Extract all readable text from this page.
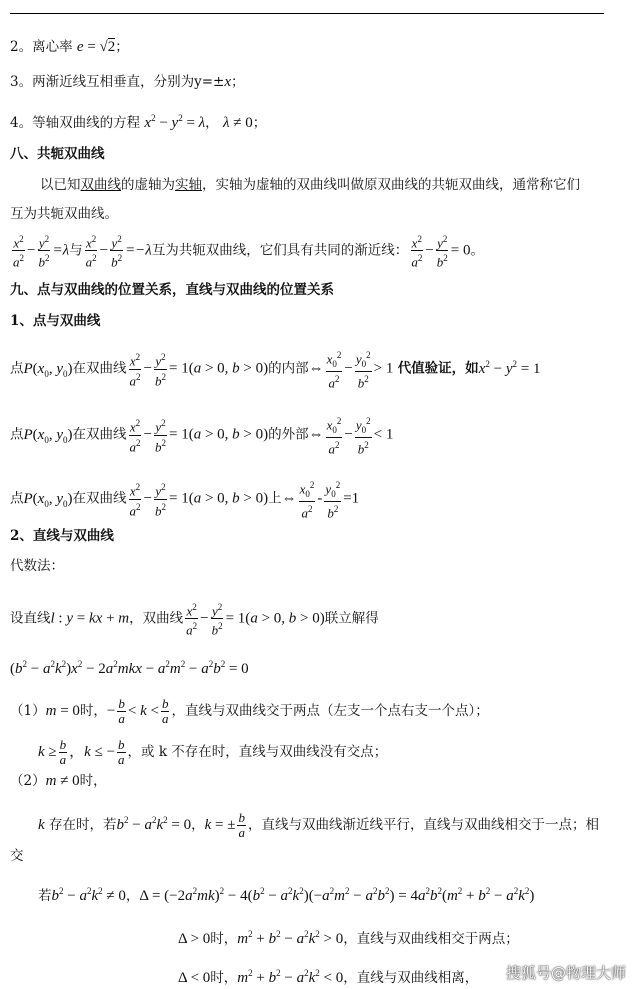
2。离心率 e = √2；
3。两渐近线互相垂直，分别为y=±x；
4。等轴双曲线的方程 $x^2 - y^2 = \lambda$， λ ≠ 0；
八、共轭双曲线
以已知双曲线的虚轴为实轴，实轴为虚轴的双曲线叫做原双曲线的共轭双曲线，通常称它们
互为共轭双曲线。
$\frac{x^2}{a^2} - \frac{y^2}{b^2} =\lambda$与 $\frac{x^2}{a^2} - \frac{y^2}{b^2} =-\lambda$互为共轭双曲线，它们具有共同的渐近线： $\frac{x^2}{a^2} - \frac{y^2}{b^2} = 0$。
九、点与双曲线的位置关系，直线与双曲线的位置关系
1、点与双曲线
点$P(x_0$, $y_0$)在双曲线 $\frac{x^2}{a^2} - \frac{y^2}{b^2} = 1(a > 0$, b > 0)的内部⇔ $\frac{x_0^2}{a^2} - \frac{y_0^2}{b^2} > 1$ 代值验证，如$x^2 - y^2 = 1$
点$P(x_0$, $y_0$)在双曲线 $\frac{x^2}{a^2} - \frac{y^2}{b^2} = 1(a > 0$, b > 0)的外部⇔ $\frac{x_0^2}{a^2} - \frac{y_0^2}{b^2} < 1$
点$P(x_0$, $y_0$)在双曲线 $\frac{x^2}{a^2} - \frac{y^2}{b^2} = 1(a > 0$, b > 0)上⇔ $\frac{x_0^2}{a^2} - \frac{y_0^2}{b^2} =1$
2、直线与双曲线
代数法：
设直线l : y = kx + m，双曲线 $\frac{x^2}{a^2} - \frac{y^2}{b^2} = 1(a > 0$, b > 0)联立解得
$(b^2 - a^2k^2)x^2 - 2a^2mkx - a^2m^2 - a^2b^2 = 0$
（1）m = 0时，− $\frac{b}{a} < k < \frac{b}{a}$ ，直线与双曲线交于两点（左支一个点右支一个点）；
$k \ge \frac{b}{a}$ ，k ≤ − $\frac{b}{a}$ ，或 k 不存在时，直线与双曲线没有交点；
（2）m ≠ 0时，
k 存在时，若$b^2 - a^2k^2 = 0$，k = ± $\frac{b}{a}$ ，直线与双曲线渐近线平行，直线与双曲线相交于一点；相
交
若$b^2 - a^2k^2 \ne 0$，$\Delta = (-2a^2mk)^2 - 4(b^2 - a^2k^2)(-a^2m^2 - a^2b^2) = 4a^2b^2(m^2 + b^2 - a^2k^2)$
Δ > 0时，$m^2 + b^2 - a^2k^2 > 0$，直线与双曲线相交于两点；
Δ < 0时，$m^2 + b^2 - a^2k^2 < 0$，直线与双曲线相离， 搜狐号@物理大师
